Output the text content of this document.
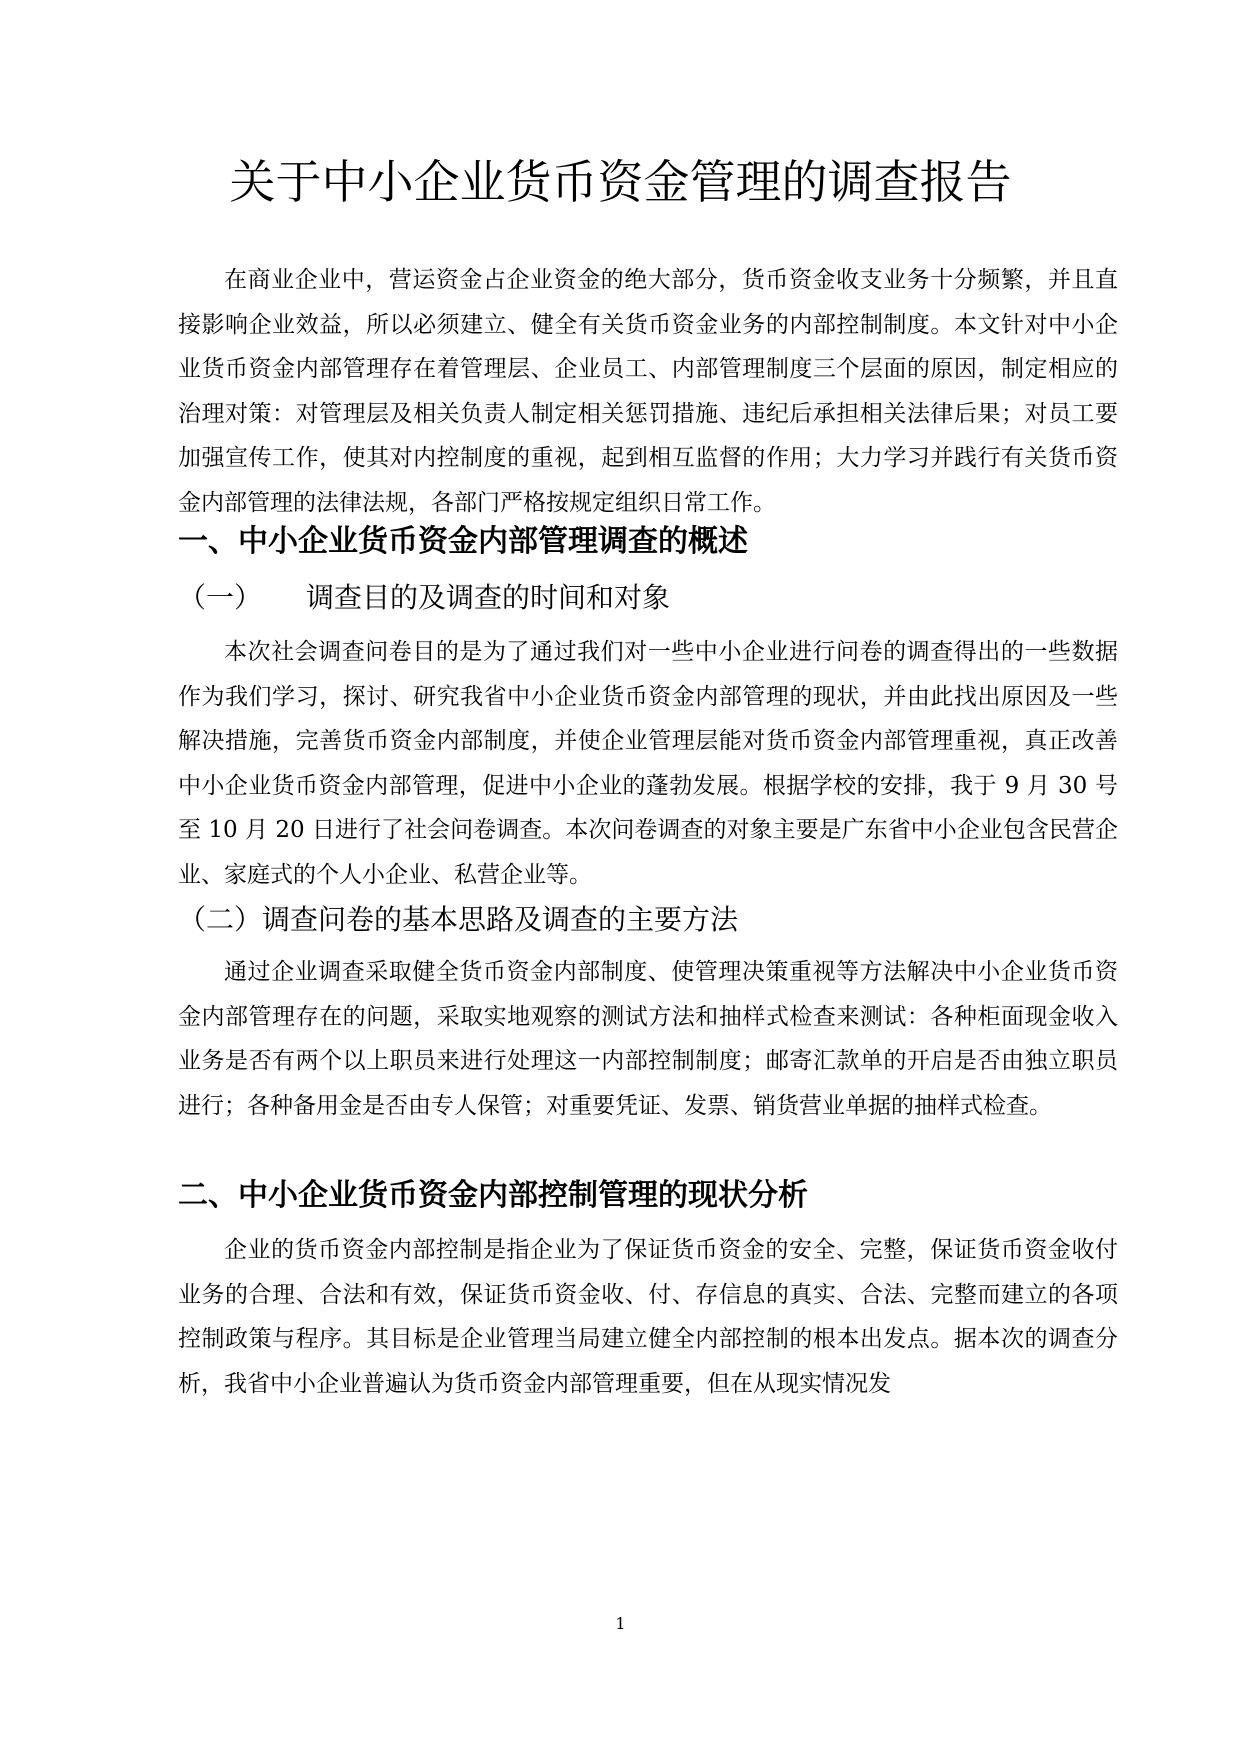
关于中小企业货币资金管理的调查报告
在商业企业中，营运资金占企业资金的绝大部分，货币资金收支业务十分频繁，并且直接影响企业效益，所以必须建立、健全有关货币资金业务的内部控制制度。本文针对中小企业货币资金内部管理存在着管理层、企业员工、内部管理制度三个层面的原因，制定相应的治理对策：对管理层及相关负责人制定相关惩罚措施、违纪后承担相关法律后果；对员工要加强宣传工作，使其对内控制度的重视，起到相互监督的作用；大力学习并践行有关货币资金内部管理的法律法规，各部门严格按规定组织日常工作。
一、中小企业货币资金内部管理调查的概述
（一） 调查目的及调查的时间和对象
本次社会调查问卷目的是为了通过我们对一些中小企业进行问卷的调查得出的一些数据作为我们学习，探讨、研究我省中小企业货币资金内部管理的现状，并由此找出原因及一些解决措施，完善货币资金内部制度，并使企业管理层能对货币资金内部管理重视，真正改善中小企业货币资金内部管理，促进中小企业的蓬勃发展。根据学校的安排，我于 9 月 30 号至 10 月 20 日进行了社会问卷调查。本次问卷调查的对象主要是广东省中小企业包含民营企业、家庭式的个人小企业、私营企业等。
（二）调查问卷的基本思路及调查的主要方法
通过企业调查采取健全货币资金内部制度、使管理决策重视等方法解决中小企业货币资金内部管理存在的问题，采取实地观察的测试方法和抽样式检查来测试：各种柜面现金收入业务是否有两个以上职员来进行处理这一内部控制制度；邮寄汇款单的开启是否由独立职员进行；各种备用金是否由专人保管；对重要凭证、发票、销货营业单据的抽样式检查。
二、中小企业货币资金内部控制管理的现状分析
企业的货币资金内部控制是指企业为了保证货币资金的安全、完整，保证货币资金收付业务的合理、合法和有效，保证货币资金收、付、存信息的真实、合法、完整而建立的各项控制政策与程序。其目标是企业管理当局建立健全内部控制的根本出发点。据本次的调查分析，我省中小企业普遍认为货币资金内部管理重要，但在从现实情况发
1
